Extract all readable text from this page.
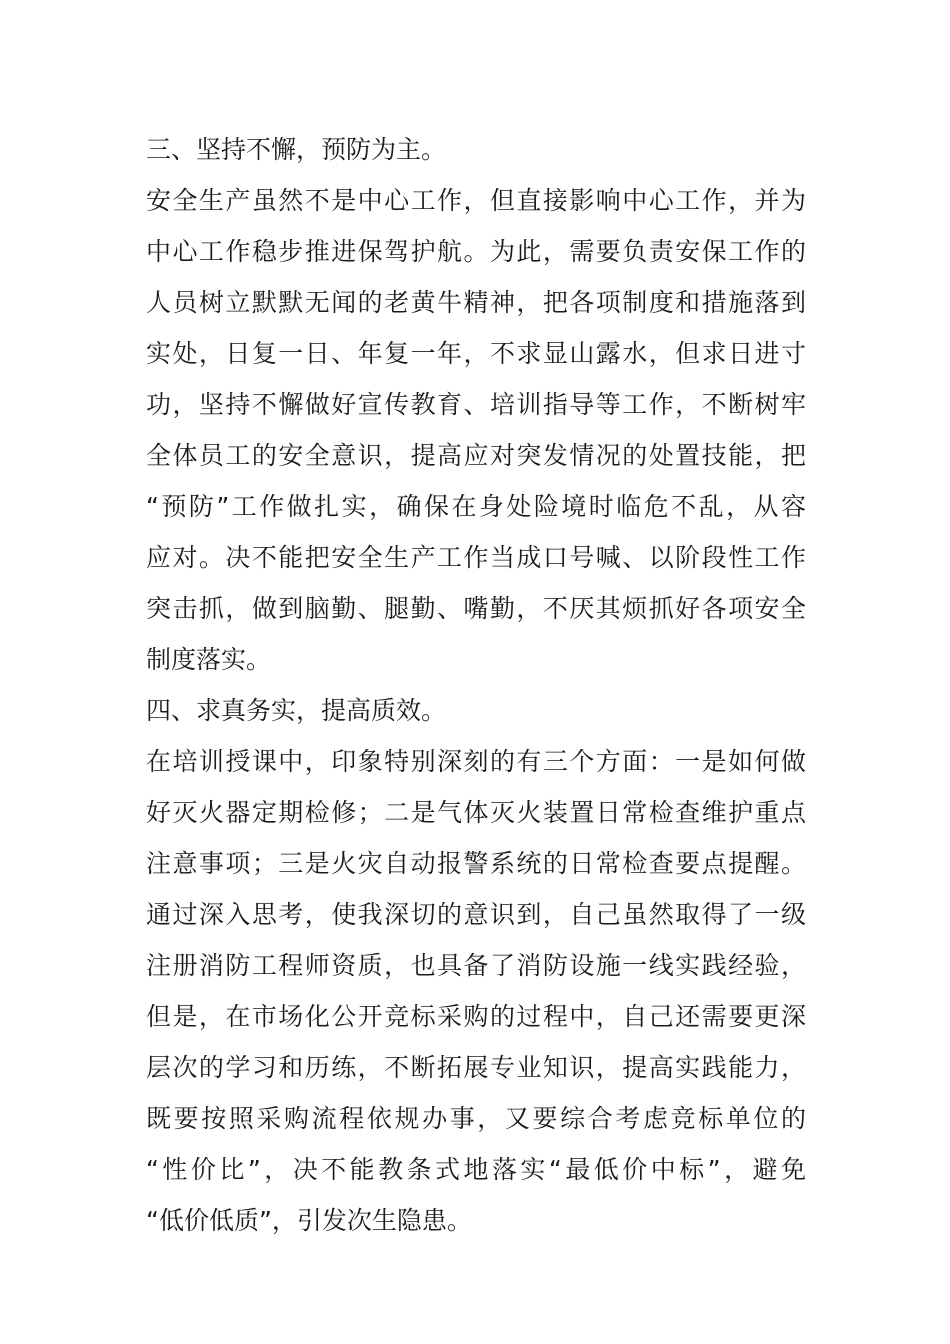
三、坚持不懈，预防为主。
安全生产虽然不是中心工作，但直接影响中心工作，并为
中心工作稳步推进保驾护航。为此，需要负责安保工作的
人员树立默默无闻的老黄牛精神，把各项制度和措施落到
实处，日复一日、年复一年，不求显山露水，但求日进寸
功，坚持不懈做好宣传教育、培训指导等工作，不断树牢
全体员工的安全意识，提高应对突发情况的处置技能，把
“预防”工作做扎实，确保在身处险境时临危不乱，从容
应对。决不能把安全生产工作当成口号喊、以阶段性工作
突击抓，做到脑勤、腿勤、嘴勤，不厌其烦抓好各项安全
制度落实。
四、求真务实，提高质效。
在培训授课中，印象特别深刻的有三个方面：一是如何做
好灭火器定期检修；二是气体灭火装置日常检查维护重点
注意事项；三是火灾自动报警系统的日常检查要点提醒。
通过深入思考，使我深切的意识到，自己虽然取得了一级
注册消防工程师资质，也具备了消防设施一线实践经验，
但是，在市场化公开竞标采购的过程中，自己还需要更深
层次的学习和历练，不断拓展专业知识，提高实践能力，
既要按照采购流程依规办事，又要综合考虑竞标单位的
“性价比”，决不能教条式地落实“最低价中标”，避免
“低价低质”，引发次生隐患。
